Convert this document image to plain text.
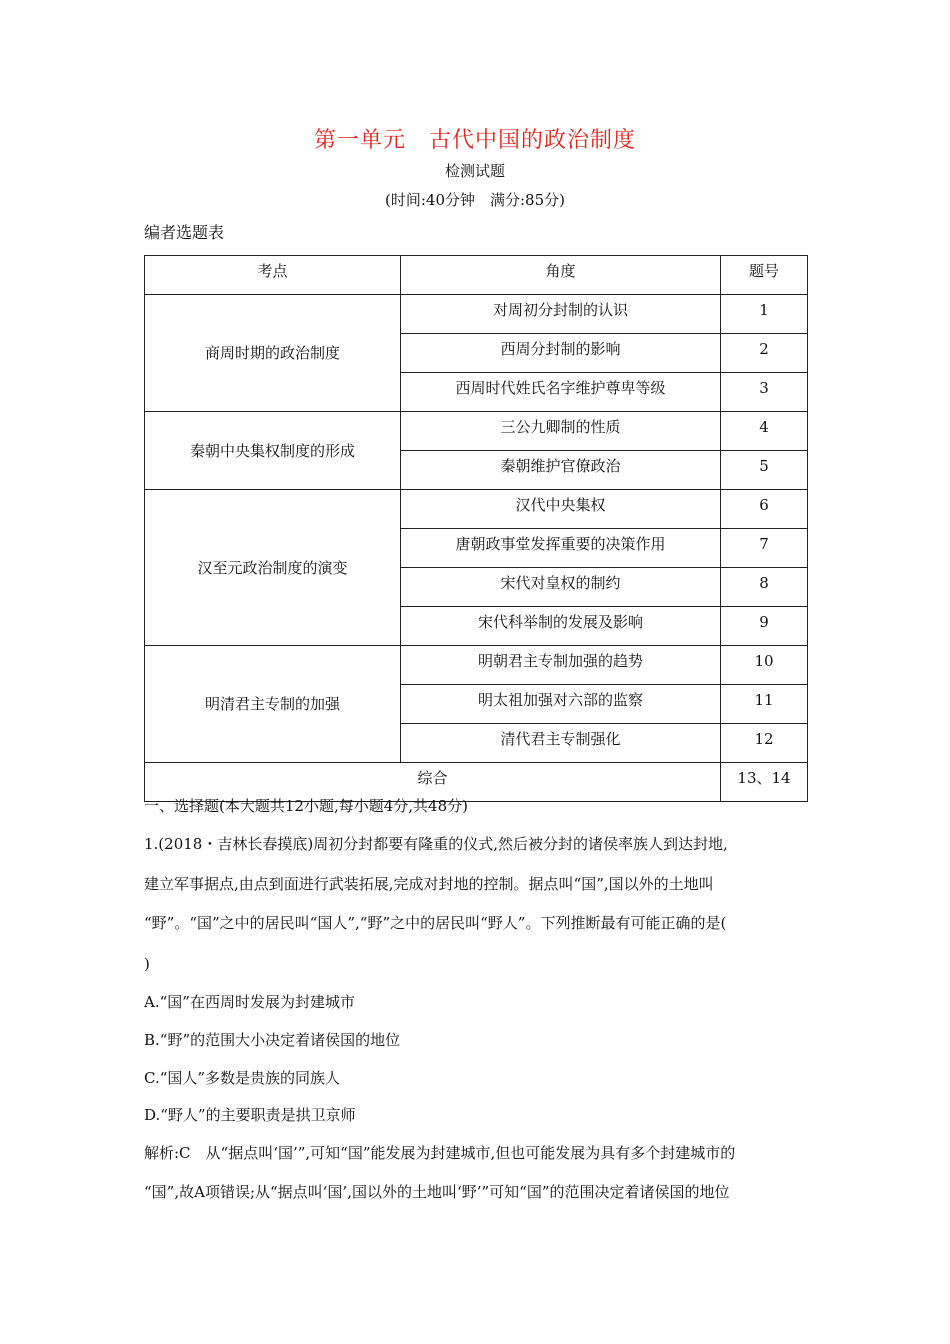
第一单元　古代中国的政治制度
检测试题
(时间:40分钟　满分:85分)
编者选题表
考点	角度	题号
商周时期的政治制度	对周初分封制的认识	1
	西周分封制的影响	2
	西周时代姓氏名字维护尊卑等级	3
秦朝中央集权制度的形成	三公九卿制的性质	4
	秦朝维护官僚政治	5
汉至元政治制度的演变	汉代中央集权	6
	唐朝政事堂发挥重要的决策作用	7
	宋代对皇权的制约	8
	宋代科举制的发展及影响	9
明清君主专制的加强	明朝君主专制加强的趋势	10
	明太祖加强对六部的监察	11
	清代君主专制强化	12
综合		13、14
一、选择题(本大题共12小题,每小题4分,共48分)
1.(2018・吉林长春摸底)周初分封都要有隆重的仪式,然后被分封的诸侯率族人到达封地,
建立军事据点,由点到面进行武装拓展,完成对封地的控制。据点叫“国”,国以外的土地叫
“野”。“国”之中的居民叫“国人”,“野”之中的居民叫“野人”。下列推断最有可能正确的是(
)
A.“国”在西周时发展为封建城市
B.“野”的范围大小决定着诸侯国的地位
C.“国人”多数是贵族的同族人
D.“野人”的主要职责是拱卫京师
解析:C　从“据点叫‘国’”,可知“国”能发展为封建城市,但也可能发展为具有多个封建城市的
“国”,故A项错误;从“据点叫‘国’,国以外的土地叫‘野’”可知“国”的范围决定着诸侯国的地位
